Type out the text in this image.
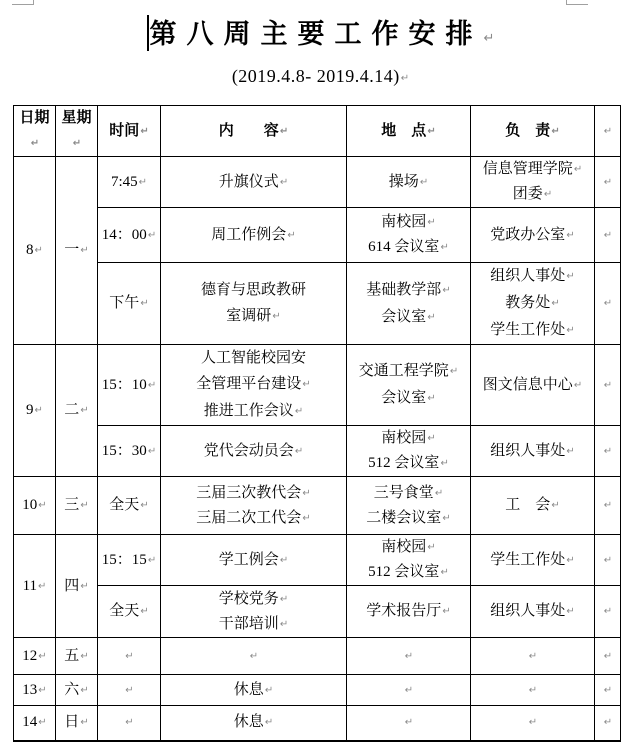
第八周主要工作安排↵
(2019.4.8- 2019.4.14)↵
日期↵	星期↵	时间↵	内　　容↵	地　点↵	负　责↵	↵
8↵	一↵	7:45↵	升旗仪式↵	操场↵	信息管理学院↵
团委↵	↵
		14：00↵	周工作例会↵	南校园↵
614 会议室↵	党政办公室↵	↵
		下午↵	德育与思政教研
室调研↵	基础教学部↵
会议室↵	组织人事处↵
教务处↵
学生工作处↵	↵
9↵	二↵	15：10↵	人工智能校园安
全管理平台建设↵
推进工作会议↵	交通工程学院↵
会议室↵	图文信息中心↵	↵
		15：30↵	党代会动员会↵	南校园↵
512 会议室↵	组织人事处↵	↵
10↵	三↵	全天↵	三届三次教代会↵
三届二次工代会↵	三号食堂↵
二楼会议室↵	工　会↵	↵
11↵	四↵	15：15↵	学工例会↵	南校园↵
512 会议室↵	学生工作处↵	↵
		全天↵	学校党务↵
干部培训↵	学术报告厅↵	组织人事处↵	↵
12↵	五↵	↵	↵	↵	↵	↵
13↵	六↵	↵	休息↵	↵	↵	↵
14↵	日↵	↵	休息↵	↵	↵	↵
